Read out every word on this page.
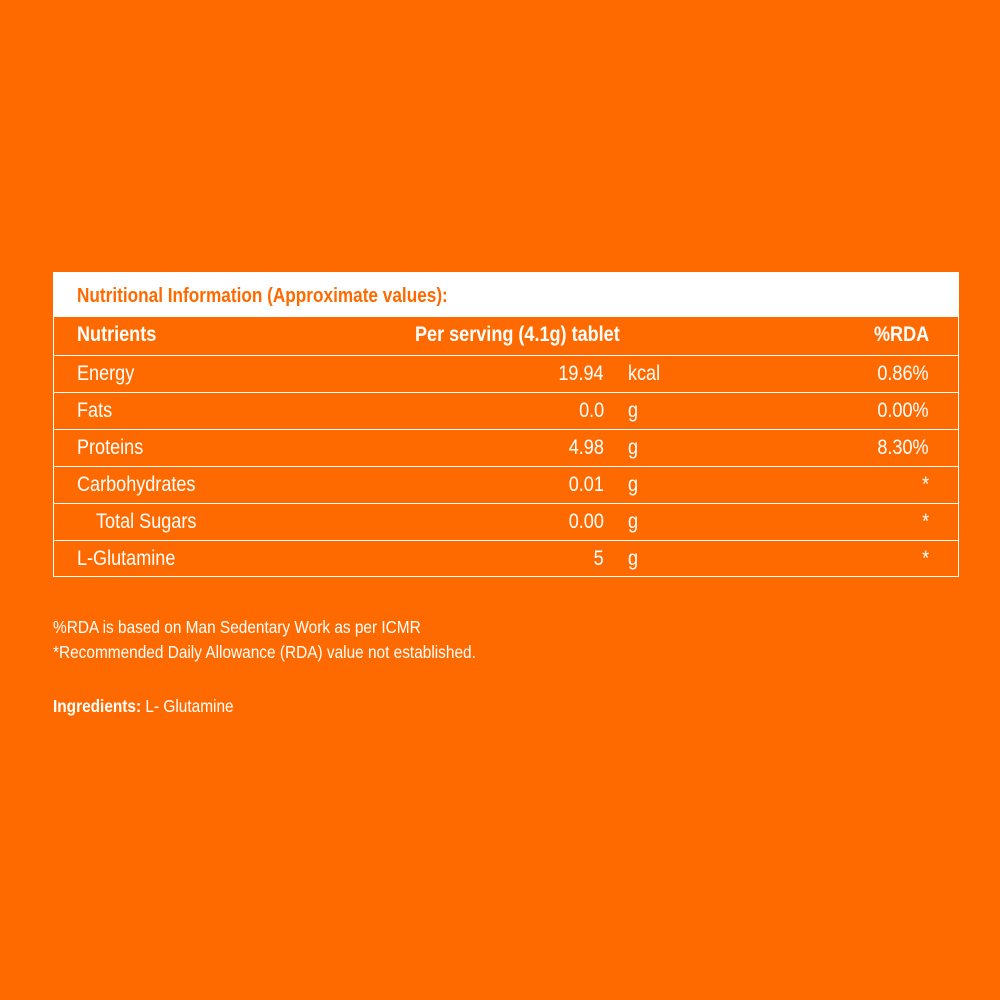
Nutritional Information (Approximate values):
Nutrients	Per serving (4.1g) tablet	%RDA
Energy	19.94 kcal	0.86%
Fats	0.0 g	0.00%
Proteins	4.98 g	8.30%
Carbohydrates	0.01 g	*
Total Sugars	0.00 g	*
L-Glutamine	5 g	*
%RDA is based on Man Sedentary Work as per ICMR
*Recommended Daily Allowance (RDA) value not established.
Ingredients: L- Glutamine
